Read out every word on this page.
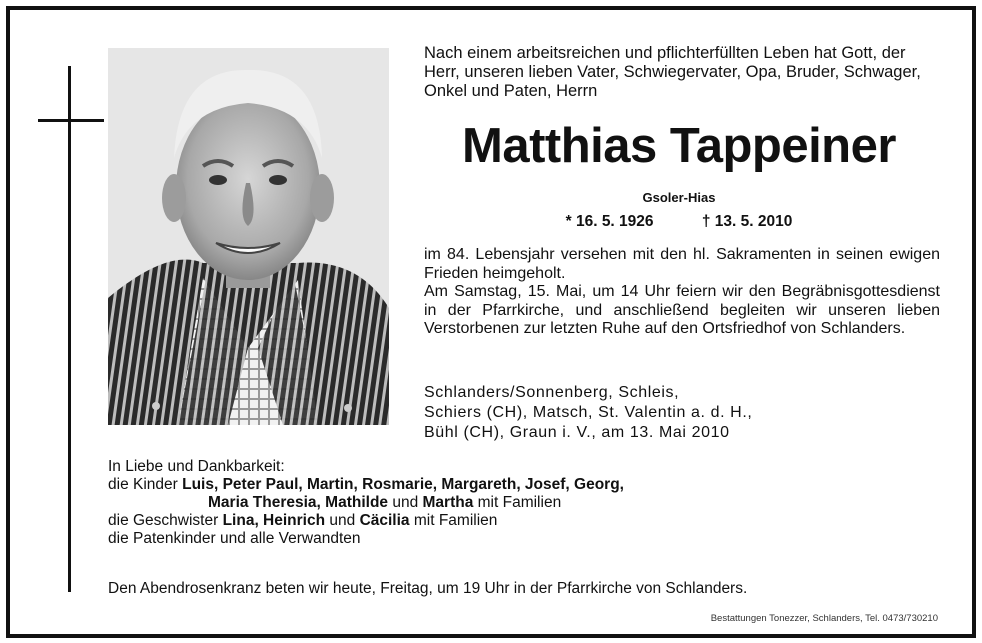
Nach einem arbeitsreichen und pflichterfüllten Leben hat Gott, der Herr, unseren lieben Vater, Schwiegervater, Opa, Bruder, Schwager, Onkel und Paten, Herrn
Matthias Tappeiner
Gsoler-Hias
* 16. 5. 1926	† 13. 5. 2010
im 84. Lebensjahr versehen mit den hl. Sakramenten in seinen ewigen Frieden heimgeholt.
Am Samstag, 15. Mai, um 14 Uhr feiern wir den Begräbnisgottesdienst in der Pfarrkirche, und anschließend begleiten wir unseren lieben Verstorbenen zur letzten Ruhe auf den Ortsfriedhof von Schlanders.
Schlanders/Sonnenberg, Schleis,
Schiers (CH), Matsch, St. Valentin a. d. H.,
Bühl (CH), Graun i. V., am 13. Mai 2010
In Liebe und Dankbarkeit:
die Kinder Luis, Peter Paul, Martin, Rosmarie, Margareth, Josef, Georg,
Maria Theresia, Mathilde und Martha mit Familien
die Geschwister Lina, Heinrich und Cäcilia mit Familien
die Patenkinder und alle Verwandten
Den Abendrosenkranz beten wir heute, Freitag, um 19 Uhr in der Pfarrkirche von Schlanders.
Bestattungen Tonezzer, Schlanders, Tel. 0473/730210
